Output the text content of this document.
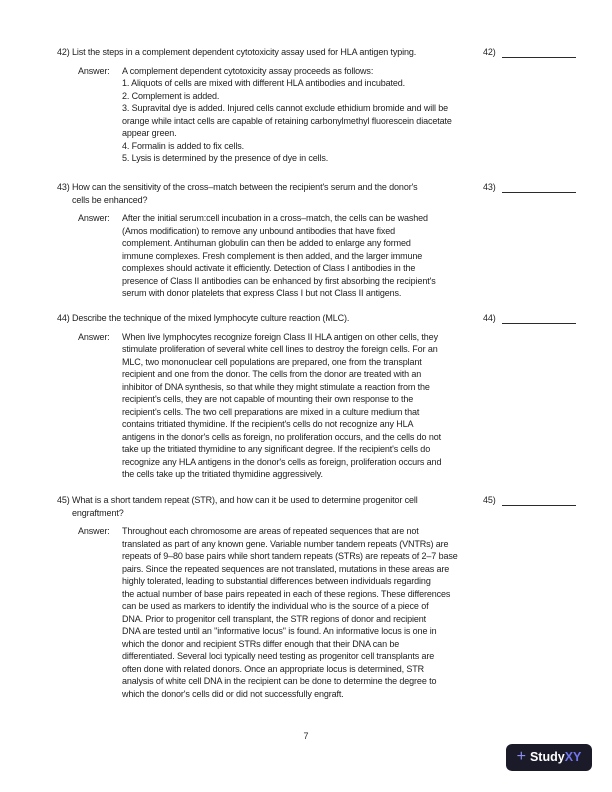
42) List the steps in a complement dependent cytotoxicity assay used for HLA antigen typing.	42)
Answer: A complement dependent cytotoxicity assay proceeds as follows:
1. Aliquots of cells are mixed with different HLA antibodies and incubated.
2. Complement is added.
3. Supravital dye is added. Injured cells cannot exclude ethidium bromide and will be
orange while intact cells are capable of retaining carbonylmethyl fluorescein diacetate
appear green.
4. Formalin is added to fix cells.
5. Lysis is determined by the presence of dye in cells.
43) How can the sensitivity of the cross–match between the recipient's serum and the donor's	43)
cells be enhanced?
Answer: After the initial serum:cell incubation in a cross–match, the cells can be washed
(Amos modification) to remove any unbound antibodies that have fixed
complement. Antihuman globulin can then be added to enlarge any formed
immune complexes. Fresh complement is then added, and the larger immune
complexes should activate it efficiently. Detection of Class I antibodies in the
presence of Class II antibodies can be enhanced by first absorbing the recipient's
serum with donor platelets that express Class I but not Class II antigens.
44) Describe the technique of the mixed lymphocyte culture reaction (MLC).	44)
Answer: When live lymphocytes recognize foreign Class II HLA antigen on other cells, they
stimulate proliferation of several white cell lines to destroy the foreign cells. For an
MLC, two mononuclear cell populations are prepared, one from the transplant
recipient and one from the donor. The cells from the donor are treated with an
inhibitor of DNA synthesis, so that while they might stimulate a reaction from the
recipient's cells, they are not capable of mounting their own response to the
recipient's cells. The two cell preparations are mixed in a culture medium that
contains tritiated thymidine. If the recipient's cells do not recognize any HLA
antigens in the donor's cells as foreign, no proliferation occurs, and the cells do not
take up the tritiated thymidine to any significant degree. If the recipient's cells do
recognize any HLA antigens in the donor's cells as foreign, proliferation occurs and
the cells take up the tritiated thymidine aggressively.
45) What is a short tandem repeat (STR), and how can it be used to determine progenitor cell	45)
engraftment?
Answer: Throughout each chromosome are areas of repeated sequences that are not
translated as part of any known gene. Variable number tandem repeats (VNTRs) are
repeats of 9–80 base pairs while short tandem repeats (STRs) are repeats of 2–7 base
pairs. Since the repeated sequences are not translated, mutations in these areas are
highly tolerated, leading to substantial differences between individuals regarding
the actual number of base pairs repeated in each of these regions. These differences
can be used as markers to identify the individual who is the source of a piece of
DNA. Prior to progenitor cell transplant, the STR regions of donor and recipient
DNA are tested until an "informative locus" is found. An informative locus is one in
which the donor and recipient STRs differ enough that their DNA can be
differentiated. Several loci typically need testing as progenitor cell transplants are
often done with related donors. Once an appropriate locus is determined, STR
analysis of white cell DNA in the recipient can be done to determine the degree to
which the donor's cells did or did not successfully engraft.
7
+ Study XY
